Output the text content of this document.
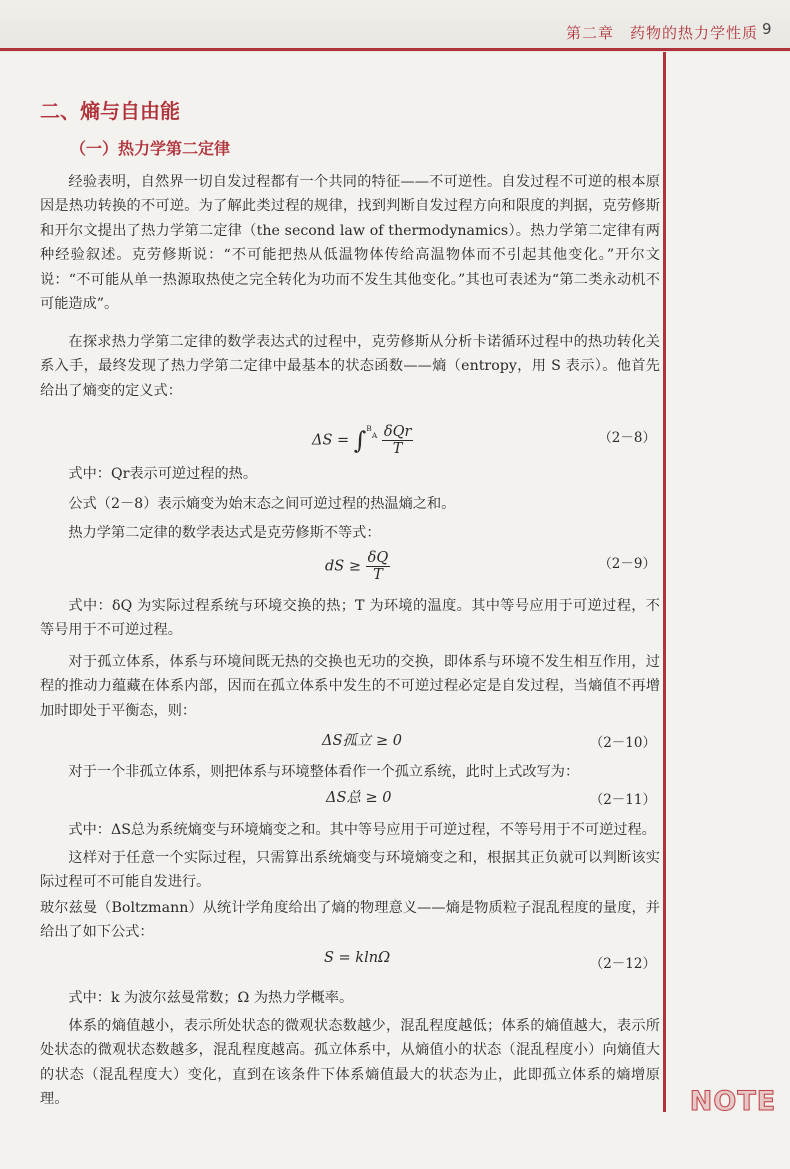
第二章　药物的热力学性质 9
二、熵与自由能
（一）热力学第二定律
经验表明，自然界一切自发过程都有一个共同的特征——不可逆性。自发过程不可逆的根本原因是热功转换的不可逆。为了解此类过程的规律，找到判断自发过程方向和限度的判据，克劳修斯和开尔文提出了热力学第二定律（the second law of thermodynamics）。热力学第二定律有两种经验叙述。克劳修斯说：“不可能把热从低温物体传给高温物体而不引起其他变化。”开尔文说：“不可能从单一热源取热使之完全转化为功而不发生其他变化。”其也可表述为“第二类永动机不可能造成”。
在探求热力学第二定律的数学表达式的过程中，克劳修斯从分析卡诺循环过程中的热功转化关系入手，最终发现了热力学第二定律中最基本的状态函数——熵（entropy，用 S 表示）。他首先给出了熵变的定义式：
$\Delta S = \int^{^B_A} \frac{\text{δQr}}{T}$	（2－8）
式中：Qr表示可逆过程的热。
公式（2－8）表示熵变为始末态之间可逆过程的热温熵之和。
热力学第二定律的数学表达式是克劳修斯不等式：
dS ≥ $\frac{\delta Q}{T}$	（2－9）
式中：δQ 为实际过程系统与环境交换的热；T 为环境的温度。其中等号应用于可逆过程，不等号用于不可逆过程。
对于孤立体系，体系与环境间既无热的交换也无功的交换，即体系与环境不发生相互作用，过程的推动力蕴藏在体系内部，因而在孤立体系中发生的不可逆过程必定是自发过程，当熵值不再增加时即处于平衡态，则：
ΔS孤立 ≥ 0	（2－10）
对于一个非孤立体系，则把体系与环境整体看作一个孤立系统，此时上式改写为：
ΔS总 ≥ 0	（2－11）
式中：ΔS总为系统熵变与环境熵变之和。其中等号应用于可逆过程，不等号用于不可逆过程。
这样对于任意一个实际过程，只需算出系统熵变与环境熵变之和，根据其正负就可以判断该实际过程可不可能自发进行。
玻尔兹曼（Boltzmann）从统计学角度给出了熵的物理意义——熵是物质粒子混乱程度的量度，并给出了如下公式：
S = klnΩ	（2－12）
式中：k 为波尔兹曼常数；Ω 为热力学概率。
体系的熵值越小，表示所处状态的微观状态数越少，混乱程度越低；体系的熵值越大，表示所处状态的微观状态数越多，混乱程度越高。孤立体系中，从熵值小的状态（混乱程度小）向熵值大的状态（混乱程度大）变化，直到在该条件下体系熵值最大的状态为止，此即孤立体系的熵增原理。	NOTE
